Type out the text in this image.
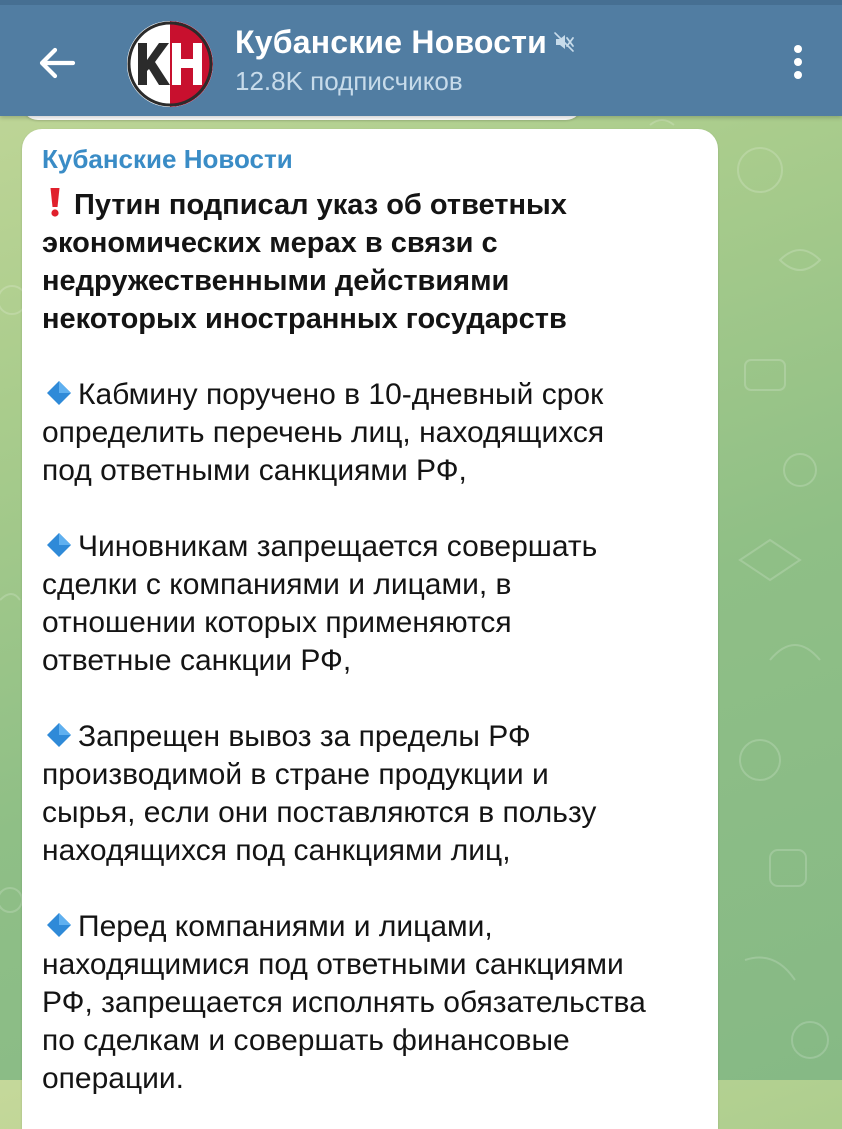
Кубанские Новости
12.8K подписчиков
Кубанские Новости
Путин подписал указ об ответных
экономических мерах в связи с
недружественными действиями
некоторых иностранных государств
Кабмину поручено в 10-дневный срок
определить перечень лиц, находящихся
под ответными санкциями РФ,
Чиновникам запрещается совершать
сделки с компаниями и лицами, в
отношении которых применяются
ответные санкции РФ,
Запрещен вывоз за пределы РФ
производимой в стране продукции и
сырья, если они поставляются в пользу
находящихся под санкциями лиц,
Перед компаниями и лицами,
находящимися под ответными санкциями
РФ, запрещается исполнять обязательства
по сделкам и совершать финансовые
операции.
